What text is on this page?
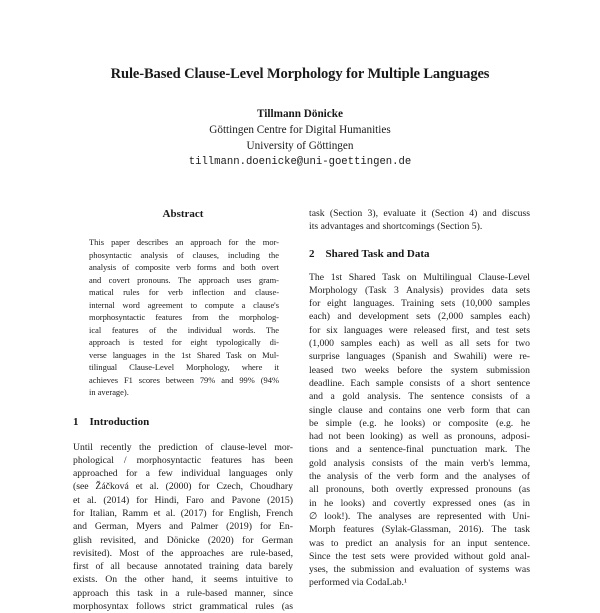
Rule-Based Clause-Level Morphology for Multiple Languages
Tillmann Dönicke
Göttingen Centre for Digital Humanities
University of Göttingen
tillmann.doenicke@uni-goettingen.de
Abstract
This paper describes an approach for the mor-
phosyntactic analysis of clauses, including the
analysis of composite verb forms and both overt
and covert pronouns. The approach uses gram-
matical rules for verb inflection and clause-
internal word agreement to compute a clause's
morphosyntactic features from the morpholog-
ical features of the individual words. The
approach is tested for eight typologically di-
verse languages in the 1st Shared Task on Mul-
tilingual Clause-Level Morphology, where it
achieves F1 scores between 79% and 99% (94%
in average).
1    Introduction
Until recently the prediction of clause-level mor-
phological / morphosyntactic features has been
approached for a few individual languages only
(see Žáčková et al. (2000) for Czech, Choudhary
et al. (2014) for Hindi, Faro and Pavone (2015)
for Italian, Ramm et al. (2017) for English, French
and German, Myers and Palmer (2019) for En-
glish revisited, and Dönicke (2020) for German
revisited). Most of the approaches are rule-based,
first of all because annotated training data barely
exists. On the other hand, it seems intuitive to
approach this task in a rule-based manner, since
morphosyntax follows strict grammatical rules (as
task (Section 3), evaluate it (Section 4) and discuss
its advantages and shortcomings (Section 5).
2    Shared Task and Data
The 1st Shared Task on Multilingual Clause-Level
Morphology (Task 3 Analysis) provides data sets
for eight languages. Training sets (10,000 samples
each) and development sets (2,000 samples each)
for six languages were released first, and test sets
(1,000 samples each) as well as all sets for two
surprise languages (Spanish and Swahili) were re-
leased two weeks before the system submission
deadline. Each sample consists of a short sentence
and a gold analysis. The sentence consists of a
single clause and contains one verb form that can
be simple (e.g. he looks) or composite (e.g. he
had not been looking) as well as pronouns, adposi-
tions and a sentence-final punctuation mark. The
gold analysis consists of the main verb's lemma,
the analysis of the verb form and the analyses of
all pronouns, both overtly expressed pronouns (as
in he looks) and covertly expressed ones (as in
∅ look!). The analyses are represented with Uni-
Morph features (Sylak-Glassman, 2016). The task
was to predict an analysis for an input sentence.
Since the test sets were provided without gold anal-
yses, the submission and evaluation of systems was
performed via CodaLab.¹
